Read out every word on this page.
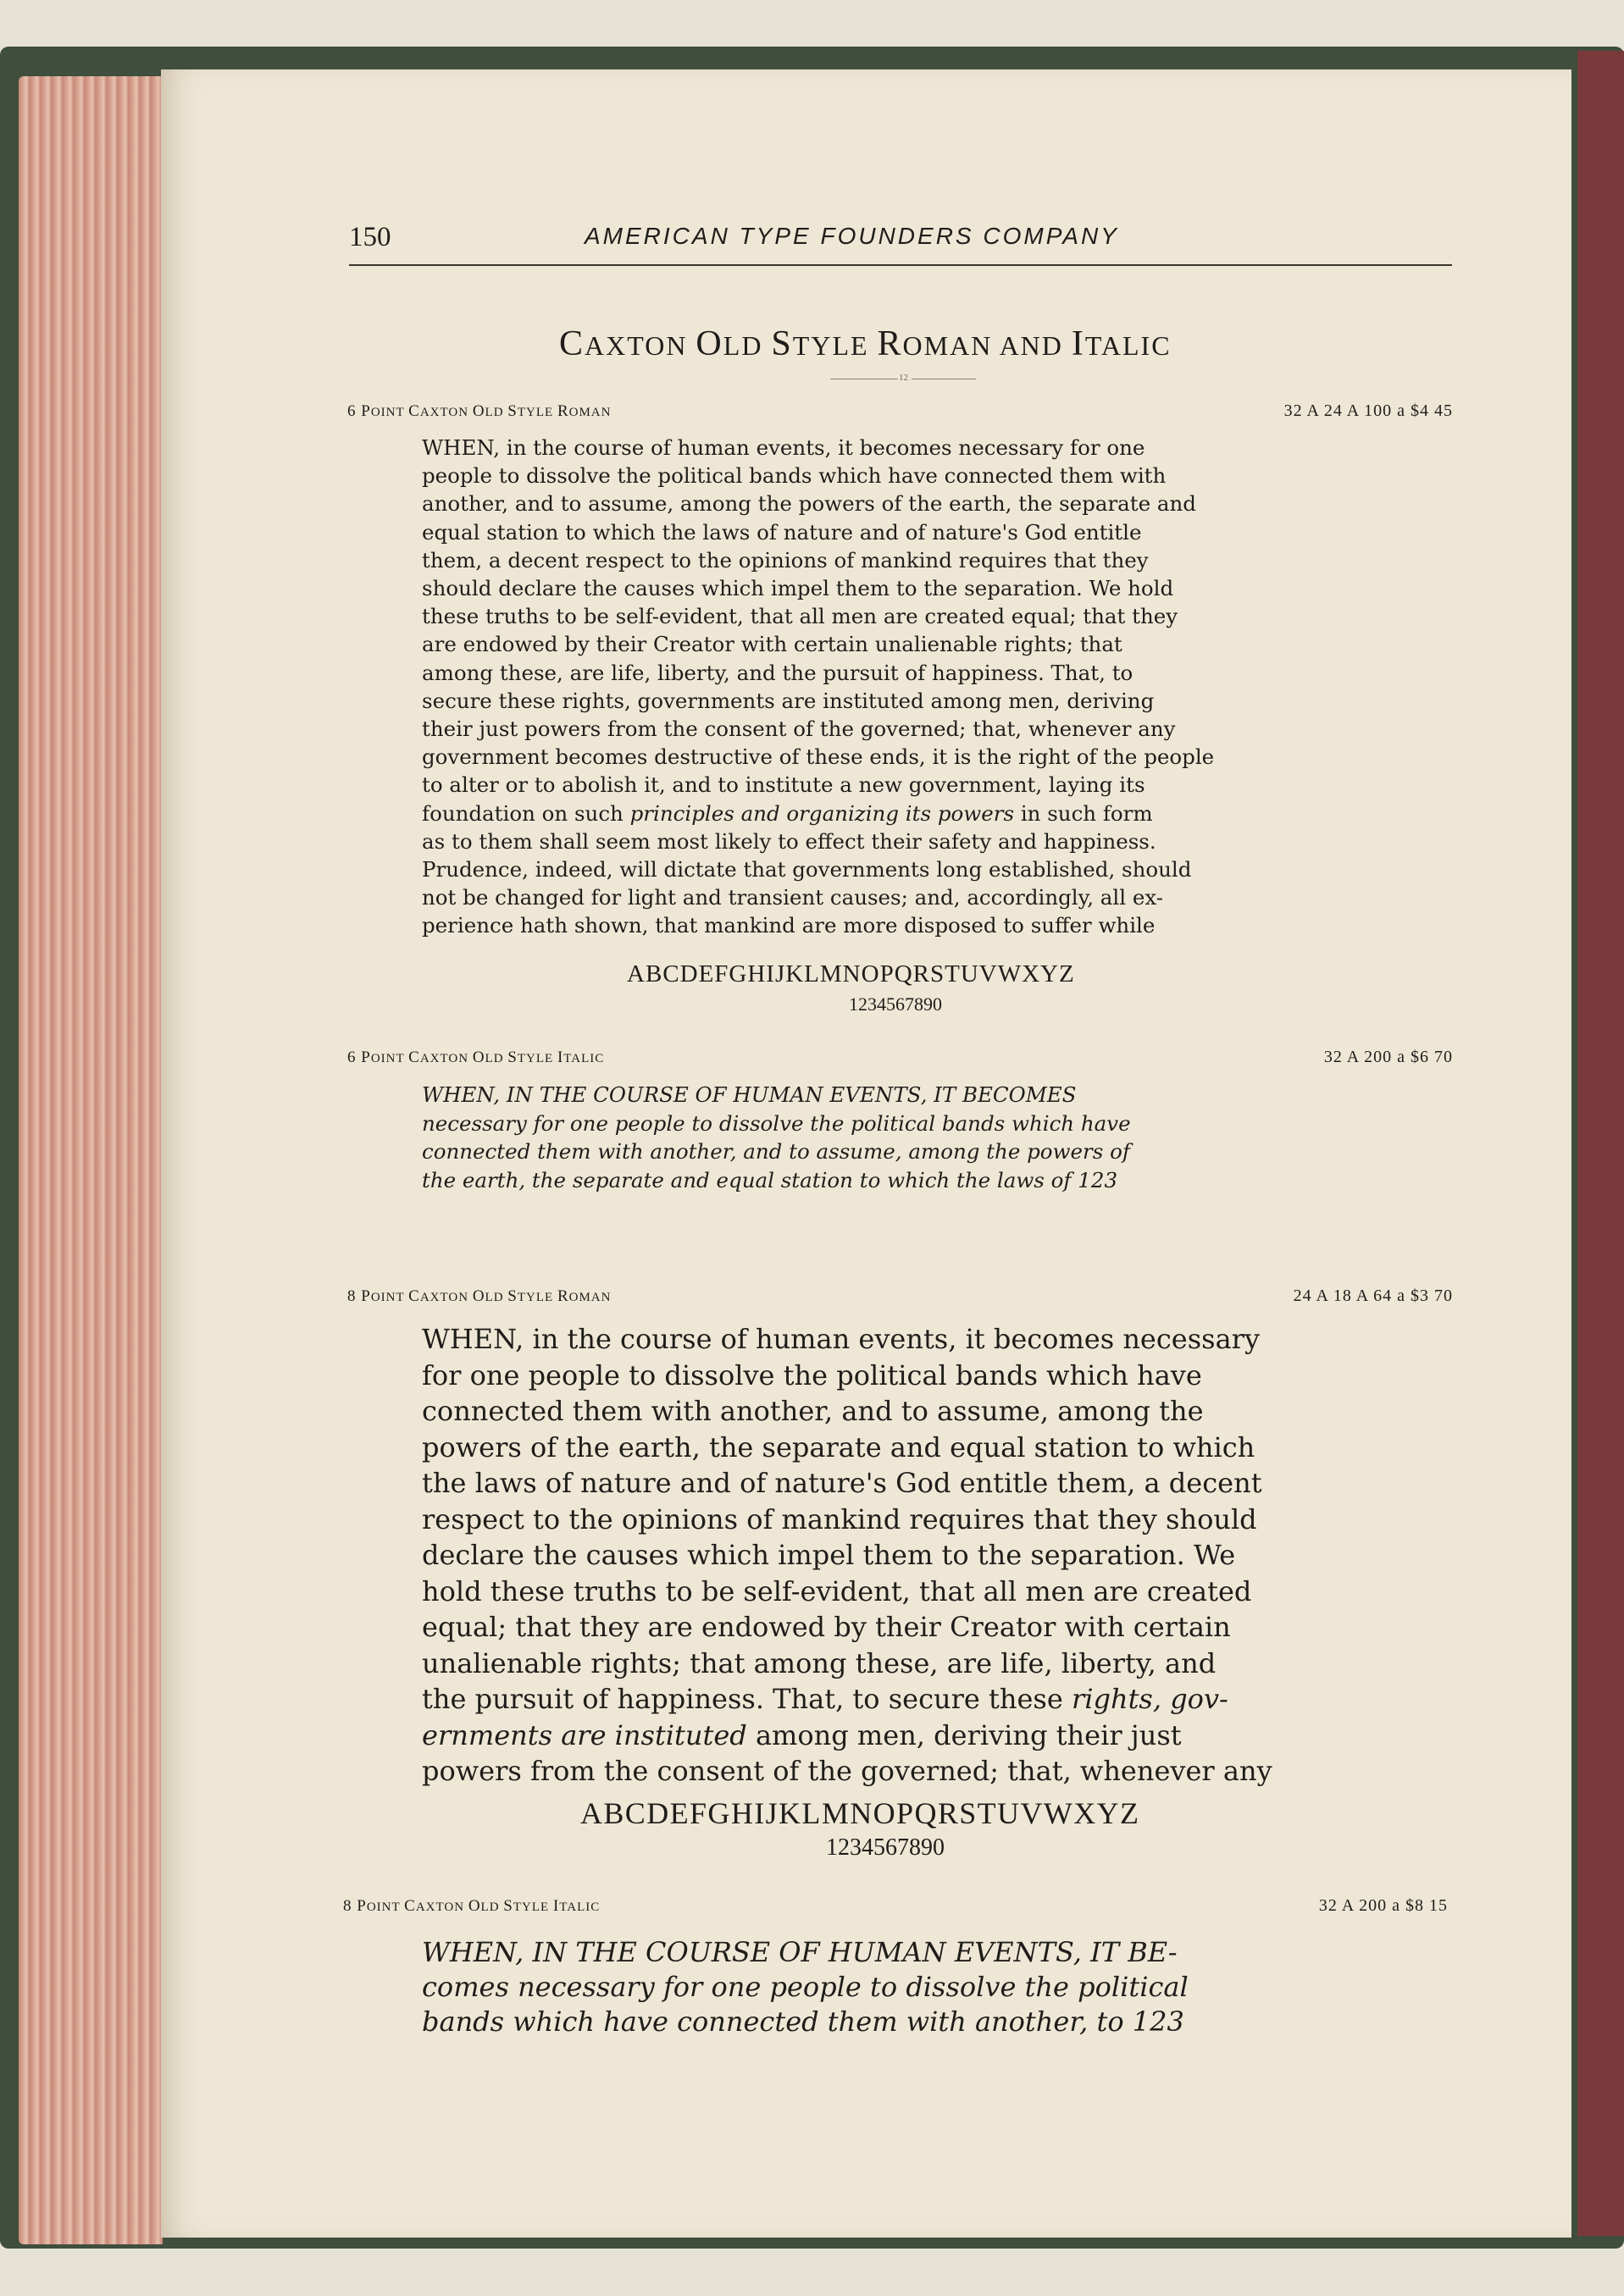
150	AMERICAN TYPE FOUNDERS COMPANY
CAXTON OLD STYLE ROMAN AND ITALIC
12
6 POINT CAXTON OLD STYLE ROMAN	32 A 24 A 100 a $4 45
WHEN, in the course of human events, it becomes necessary for one
people to dissolve the political bands which have connected them with
another, and to assume, among the powers of the earth, the separate and
equal station to which the laws of nature and of nature's God entitle
them, a decent respect to the opinions of mankind requires that they
should declare the causes which impel them to the separation. We hold
these truths to be self-evident, that all men are created equal; that they
are endowed by their Creator with certain unalienable rights; that
among these, are life, liberty, and the pursuit of happiness. That, to
secure these rights, governments are instituted among men, deriving
their just powers from the consent of the governed; that, whenever any
government becomes destructive of these ends, it is the right of the people
to alter or to abolish it, and to institute a new government, laying its
foundation on such principles and organizing its powers in such form
as to them shall seem most likely to effect their safety and happiness.
Prudence, indeed, will dictate that governments long established, should
not be changed for light and transient causes; and, accordingly, all ex-
perience hath shown, that mankind are more disposed to suffer while
ABCDEFGHIJKLMNOPQRSTUVWXYZ
1234567890
6 POINT CAXTON OLD STYLE ITALIC	32 A 200 a $6 70
WHEN, IN THE COURSE OF HUMAN EVENTS, IT BECOMES
necessary for one people to dissolve the political bands which have
connected them with another, and to assume, among the powers of
the earth, the separate and equal station to which the laws of 123
8 POINT CAXTON OLD STYLE ROMAN	24 A 18 A 64 a $3 70
WHEN, in the course of human events, it becomes necessary
for one people to dissolve the political bands which have
connected them with another, and to assume, among the
powers of the earth, the separate and equal station to which
the laws of nature and of nature's God entitle them, a decent
respect to the opinions of mankind requires that they should
declare the causes which impel them to the separation. We
hold these truths to be self-evident, that all men are created
equal; that they are endowed by their Creator with certain
unalienable rights; that among these, are life, liberty, and
the pursuit of happiness. That, to secure these rights, gov-
ernments are instituted among men, deriving their just
powers from the consent of the governed; that, whenever any
ABCDEFGHIJKLMNOPQRSTUVWXYZ
1234567890
8 POINT CAXTON OLD STYLE ITALIC	32 A 200 a $8 15
WHEN, IN THE COURSE OF HUMAN EVENTS, IT BE-
comes necessary for one people to dissolve the political
bands which have connected them with another, to 123
